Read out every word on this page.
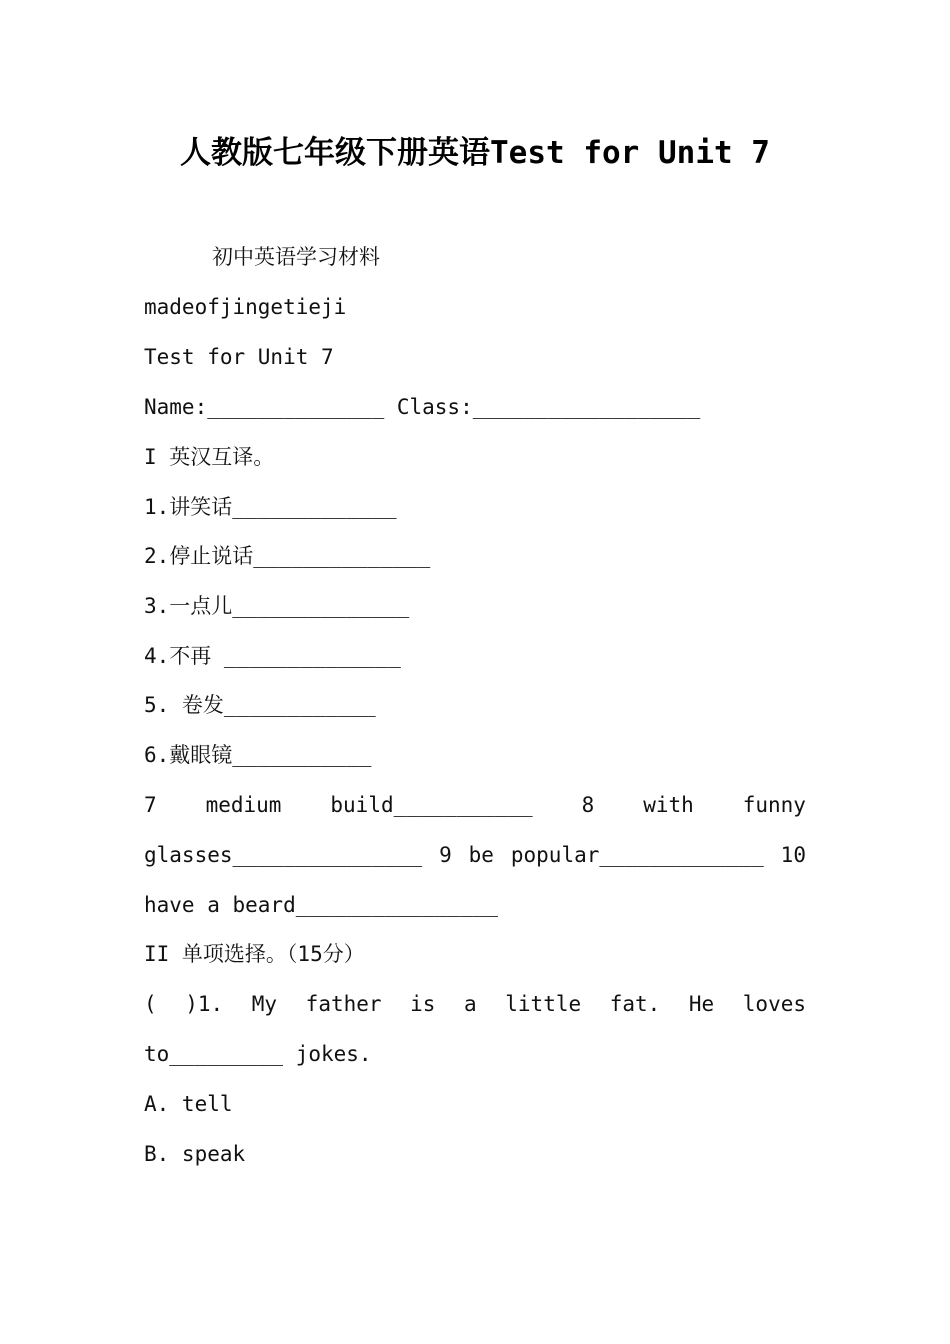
人教版七年级下册英语Test for Unit 7
初中英语学习材料
madeofjingetieji
Test for Unit 7
Name:______________ Class:__________________
I 英汉互译。
1.讲笑话_____________
2.停止说话______________
3.一点儿______________
4.不再 ______________
5. 卷发____________
6.戴眼镜___________
7 medium build___________ 8 with funny
glasses_______________ 9 be popular_____________ 10
have a beard________________
II 单项选择。（15分）
( )1. My father is a little fat. He loves
to_________ jokes.
A. tell
B. speak
